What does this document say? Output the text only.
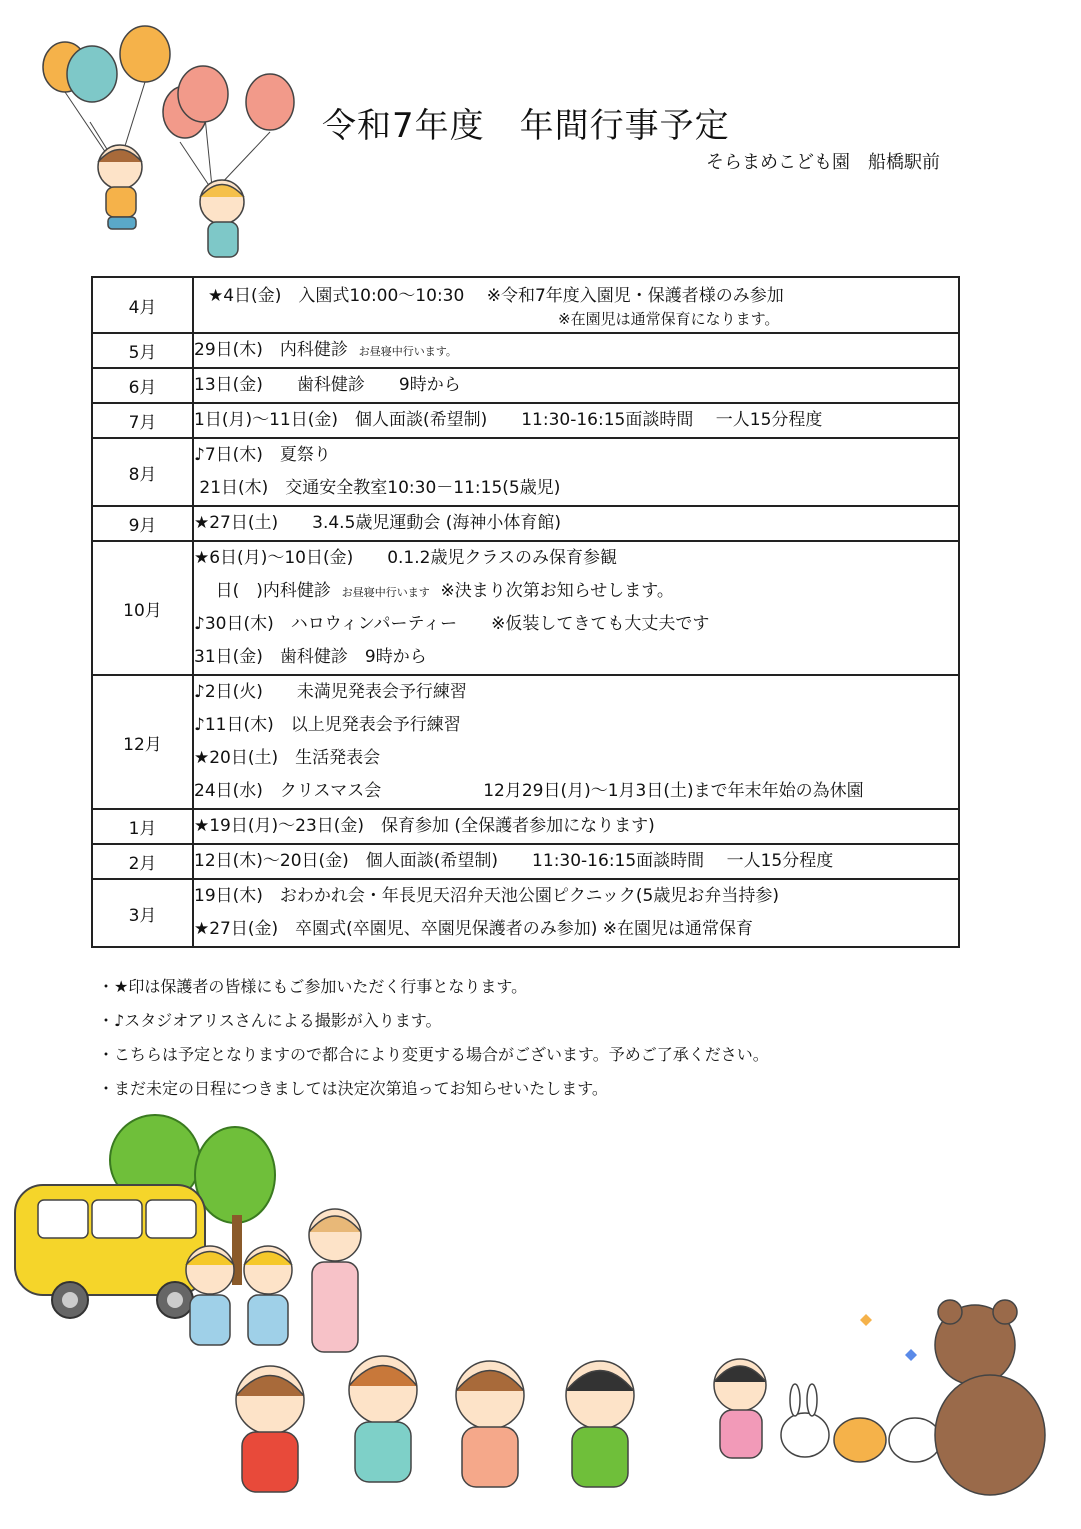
令和7年度　年間行事予定
そらまめこども園　船橋駅前
4月	★4日(金)　入園式10:00～10:30　 ※令和7年度入園児・保護者様のみ参加
※在園児は通常保育になります。

5月	29日(木)　内科健診 お昼寝中行います。

6月	13日(金)　　歯科健診　　9時から

7月	1日(月)～11日(金)　個人面談(希望制)　　11:30-16:15面談時間　 一人15分程度

8月	♪7日(木)　夏祭り
21日(木)　交通安全教室10:30－11:15(5歳児)

9月	★27日(土)　　3.4.5歳児運動会 (海神小体育館)

10月	★6日(月)～10日(金)　　0.1.2歳児クラスのみ保育参観
日(　)内科健診 お昼寝中行います ※決まり次第お知らせします。
♪30日(木)　ハロウィンパーティー　　※仮装してきても大丈夫です
31日(金)　歯科健診　9時から

12月	♪2日(火)　　未満児発表会予行練習
♪11日(木)　以上児発表会予行練習
★20日(土)　生活発表会
24日(水)　クリスマス会　　　　　　12月29日(月)～1月3日(土)まで年末年始の為休園

1月	★19日(月)～23日(金)　保育参加 (全保護者参加になります)

2月	12日(木)～20日(金)　個人面談(希望制)　　11:30-16:15面談時間　 一人15分程度

3月	19日(木)　おわかれ会・年長児天沼弁天池公園ピクニック(5歳児お弁当持参)
★27日(金)　卒園式(卒園児、卒園児保護者のみ参加) ※在園児は通常保育
・★印は保護者の皆様にもご参加いただく行事となります。
・♪スタジオアリスさんによる撮影が入ります。
・こちらは予定となりますので都合により変更する場合がございます。予めご了承ください。
・まだ未定の日程につきましては決定次第追ってお知らせいたします。
